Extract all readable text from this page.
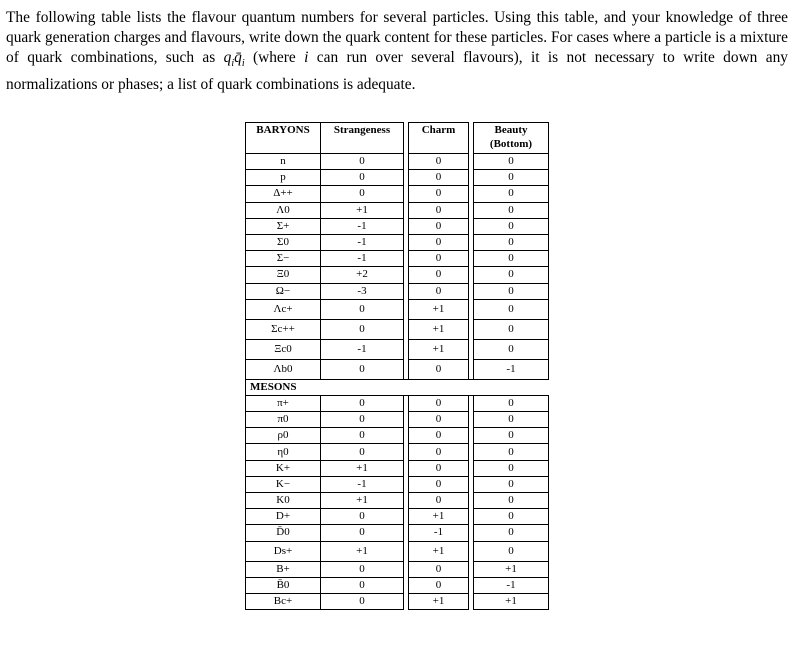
The following table lists the flavour quantum numbers for several particles. Using this table, and your knowledge of three quark generation charges and flavours, write down the quark content for these particles. For cases where a particle is a mixture of quark combinations, such as $q_iq̄_i$ (where i can run over several flavours), it is not necessary to write down any normalizations or phases; a list of quark combinations is adequate.

BARYONS	Strangeness		Charm		Beauty (Bottom)
n	0		0		0
p	0		0		0
Δ++	0		0		0
Λ0	+1		0		0
Σ+	-1		0		0
Σ0	-1		0		0
Σ−	-1		0		0
Ξ0	+2		0		0
Ω−	-3		0		0
Λc+	0		+1		0
Σc++	0		+1		0
Ξc0	-1		+1		0
Λb0	0		0		-1
MESONS					
π+	0		0		0
π0	0		0		0
ρ0	0		0		0
η0	0		0		0
K+	+1		0		0
K−	-1		0		0
K0	+1		0		0
D+	0		+1		0
D̄0	0		-1		0
Ds+	+1		+1		0
B+	0		0		+1
B̄0	0		0		-1
Bc+	0		+1		+1
